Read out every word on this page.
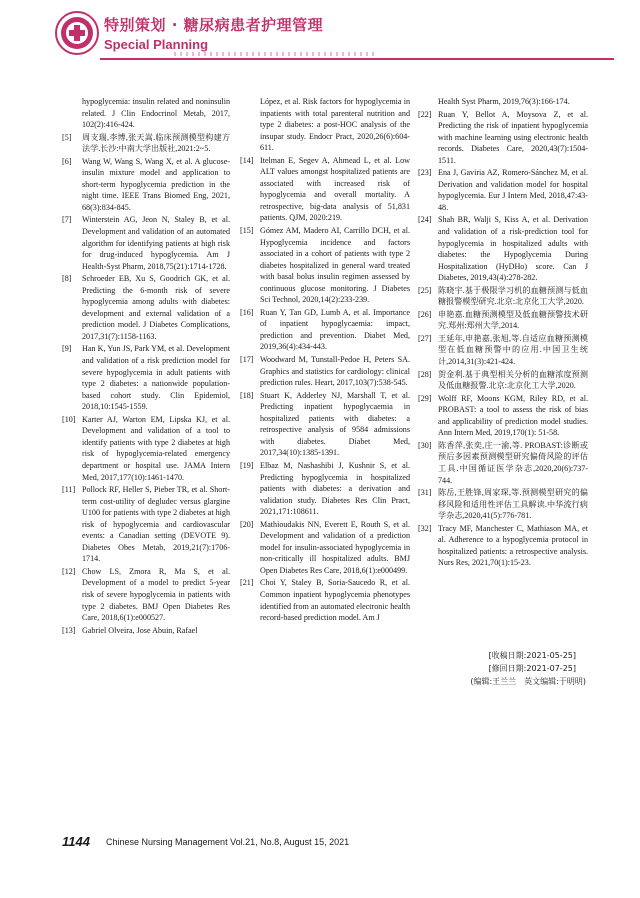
特别策划 · 糖尿病患者护理管理
Special Planning
hypoglycemia: insulin related and noninsulin related. J Clin Endocrinol Metab, 2017, 102(2):416-424.
[5] 周支瑞,李博,张天嵩.临床预测模型构建方法学.长沙:中南大学出版社,2021:2~5.
[6] Wang W, Wang S, Wang X, et al. A glucose-insulin mixture model and application to short-term hypoglycemia prediction in the night time. IEEE Trans Biomed Eng, 2021, 68(3):834-845.
[7] Winterstein AG, Jeon N, Staley B, et al. Development and validation of an automated algorithm for identifying patients at high risk for drug-induced hypoglycemia. Am J Health-Syst Pharm, 2018,75(21):1714-1728.
[8] Schroeder EB, Xu S, Goodrich GK, et al. Predicting the 6-month risk of severe hypoglycemia among adults with diabetes: development and external validation of a prediction model. J Diabetes Complications, 2017,31(7):1158-1163.
[9] Han K, Yun JS, Park YM, et al. Development and validation of a risk prediction model for severe hypoglycemia in adult patients with type 2 diabetes: a nationwide population-based cohort study. Clin Epidemiol, 2018,10:1545-1559.
[10] Karter AJ, Warton EM, Lipska KJ, et al. Development and validation of a tool to identify patients with type 2 diabetes at high risk of hypoglycemia-related emergency department or hospital use. JAMA Intern Med, 2017,177(10):1461-1470.
[11] Pollock RF, Heller S, Pieber TR, et al. Short-term cost-utility of degludec versus glargine U100 for patients with type 2 diabetes at high risk of hypoglycemia and cardiovascular events: a Canadian setting (DEVOTE 9). Diabetes Obes Metab, 2019,21(7):1706-1714.
[12] Chow LS, Zmora R, Ma S, et al. Development of a model to predict 5-year risk of severe hypoglycemia in patients with type 2 diabetes. BMJ Open Diabetes Res Care, 2018,6(1):e000527.
[13] Gabriel Olveira, Jose Abuin, Rafael
López, et al. Risk factors for hypoglycemia in inpatients with total parenteral nutrition and type 2 diabetes: a post-HOC analysis of the insupar study. Endocr Pract, 2020,26(6):604-611.
[14] Itelman E, Segev A, Ahmead L, et al. Low ALT values amongst hospitalized patients are associated with increased risk of hypoglycemia and overall mortality. A retrospective, big-data analysis of 51,831 patients. QJM, 2020:219.
[15] Gómez AM, Madero AI, Carrillo DCH, et al. Hypoglycemia incidence and factors associated in a cohort of patients with type 2 diabetes hospitalized in general ward treated with basal bolus insulin regimen assessed by continuous glucose monitoring. J Diabetes Sci Technol, 2020,14(2):233-239.
[16] Ruan Y, Tan GD, Lumb A, et al. Importance of inpatient hypoglycaemia: impact, prediction and prevention. Diabet Med, 2019,36(4):434-443.
[17] Woodward M, Tunstall-Pedoe H, Peters SA. Graphics and statistics for cardiology: clinical prediction rules. Heart, 2017,103(7):538-545.
[18] Stuart K, Adderley NJ, Marshall T, et al. Predicting inpatient hypoglycaemia in hospitalized patients with diabetes: a retrospective analysis of 9584 admissions with diabetes. Diabet Med, 2017,34(10):1385-1391.
[19] Elbaz M, Nashashibi J, Kushnir S, et al. Predicting hypoglycemia in hospitalized patients with diabetes: a derivation and validation study. Diabetes Res Clin Pract, 2021,171:108611.
[20] Mathioudakis NN, Everett E, Routh S, et al. Development and validation of a prediction model for insulin-associated hypoglycemia in non-critically ill hospitalized adults. BMJ Open Diabetes Res Care, 2018,6(1):e000499.
[21] Choi Y, Staley B, Soria-Saucedo R, et al. Common inpatient hypoglycemia phenotypes identified from an automated electronic health record-based prediction model. Am J
Health Syst Pharm, 2019,76(3):166-174.
[22] Ruan Y, Bellot A, Moysova Z, et al. Predicting the risk of inpatient hypoglycemia with machine learning using electronic health records. Diabetes Care, 2020,43(7):1504-1511.
[23] Ena J, Gaviria AZ, Romero-Sánchez M, et al. Derivation and validation model for hospital hypoglycemia. Eur J Intern Med, 2018,47:43-48.
[24] Shah BR, Walji S, Kiss A, et al. Derivation and validation of a risk-prediction tool for hypoglycemia in hospitalized adults with diabetes: the Hypoglycemia During Hospitalization (HyDHo) score. Can J Diabetes, 2019,43(4):278-282.
[25] 陈晓宇.基于极限学习机的血糖预测与低血糖报警模型研究.北京:北京化工大学,2020.
[26] 申艳嘉.血糖预测模型及低血糖预警技术研究.郑州:郑州大学,2014.
[27] 王延年,申艳嘉,张旭,等.自适应血糖预测模型在低血糖预警中的应用.中国卫生统计,2014,31(3):421-424.
[28] 贺金利.基于典型相关分析的血糖浓度预测及低血糖报警.北京:北京化工大学,2020.
[29] Wolff RF, Moons KGM, Riley RD, et al. PROBAST: a tool to assess the risk of bias and applicability of prediction model studies. Ann Intern Med, 2019,170(1): 51-58.
[30] 陈香萍,张奕,庄一渝,等. PROBAST:诊断或预后多因素预测模型研究偏倚风险的评估工具.中国循证医学杂志,2020,20(6):737-744.
[31] 陈岳,王胜锋,周家琛,等.预测模型研究的偏移风险和适用性评估工具解读.中华流行病学杂志,2020,41(5):776-781.
[32] Tracy MF, Manchester C, Mathiason MA, et al. Adherence to a hypoglycemia protocol in hospitalized patients: a retrospective analysis. Nurs Res, 2021,70(1):15-23.
[收稿日期:2021-05-25]
[修回日期:2021-07-25]
(编辑:王兰兰　英文编辑:于明明)
1144 Chinese Nursing Management Vol.21, No.8, August 15, 2021
